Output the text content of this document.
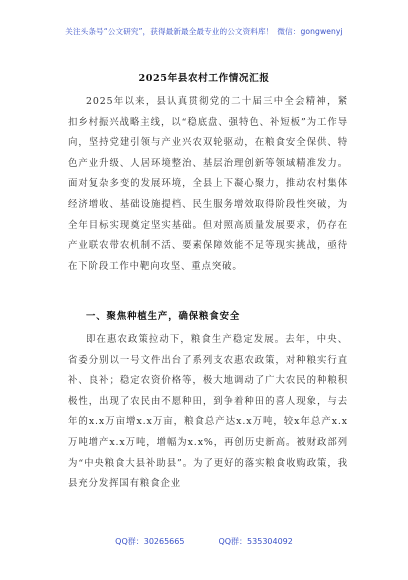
关注头条号“公文研究”，获得最新最全最专业的公文资料库！ 微信：gongwenyj
2025年县农村工作情况汇报
2025年以来，县认真贯彻党的二十届三中全会精神，紧扣乡村振兴战略主线，以“稳底盘、强特色、补短板”为工作导向，坚持党建引领与产业兴农双轮驱动，在粮食安全保供、特色产业升级、人居环境整治、基层治理创新等领域精准发力。面对复杂多变的发展环境，全县上下凝心聚力，推动农村集体经济增收、基础设施提档、民生服务增效取得阶段性突破，为全年目标实现奠定坚实基础。但对照高质量发展要求，仍存在产业联农带农机制不活、要素保障效能不足等现实挑战，亟待在下阶段工作中靶向攻坚、重点突破。
一、聚焦种植生产，确保粮食安全
即在惠农政策拉动下，粮食生产稳定发展。去年，中央、省委分别以一号文件出台了系列支农惠农政策，对种粮实行直补、良补；稳定农资价格等，极大地调动了广大农民的种粮积极性，出现了农民由不愿种田，到争着种田的喜人现象，与去年的x.x万亩增x.x万亩，粮食总产达x.x万吨，较x年总产x.x万吨增产x.x万吨，增幅为x.x%，再创历史新高。被财政部列为“中央粮食大县补助县”。为了更好的落实粮食收购政策，我县充分发挥国有粮食企业
QQ群：30265665	QQ群：535304092
